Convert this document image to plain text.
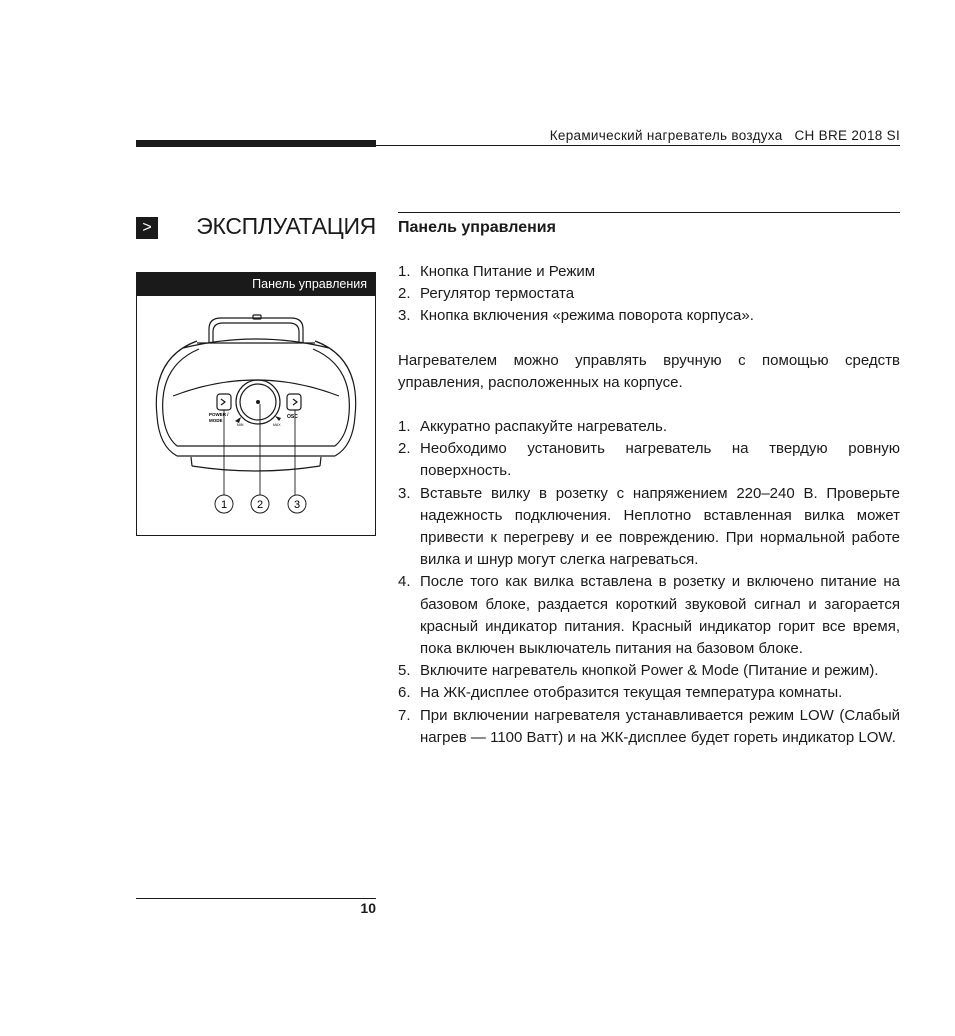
Керамический нагреватель воздуха CH BRE 2018 SI
> ЭКСПЛУАТАЦИЯ Панель управления
Панель управления
POWER /
MODE
OSC
MIN	MAX
1	2	3
1. Кнопка Питание и Режим
2. Регулятор термостата
3. Кнопка включения «режима поворота корпуса».

Нагревателем можно управлять вручную с помощью средств управления, расположенных на корпусе.

1. Аккуратно распакуйте нагреватель.
2. Необходимо установить нагреватель на твердую ровную поверхность.
3. Вставьте вилку в розетку с напряжением 220–240 В. Проверьте надежность подключения. Неплотно вставленная вилка может привести к перегреву и ее повреждению. При нормальной работе вилка и шнур могут слегка нагреваться.
4. После того как вилка вставлена в розетку и включено питание на базовом блоке, раздается короткий звуковой сигнал и загорается красный индикатор питания. Красный индикатор горит все время, пока включен выключатель питания на базовом блоке.
5. Включите нагреватель кнопкой Power & Mode (Питание и режим).
6. На ЖК-дисплее отобразится текущая температура комнаты.
7. При включении нагревателя устанавливается режим LOW (Слабый нагрев — 1100 Ватт) и на ЖК-дисплее будет гореть индикатор LOW.
10
